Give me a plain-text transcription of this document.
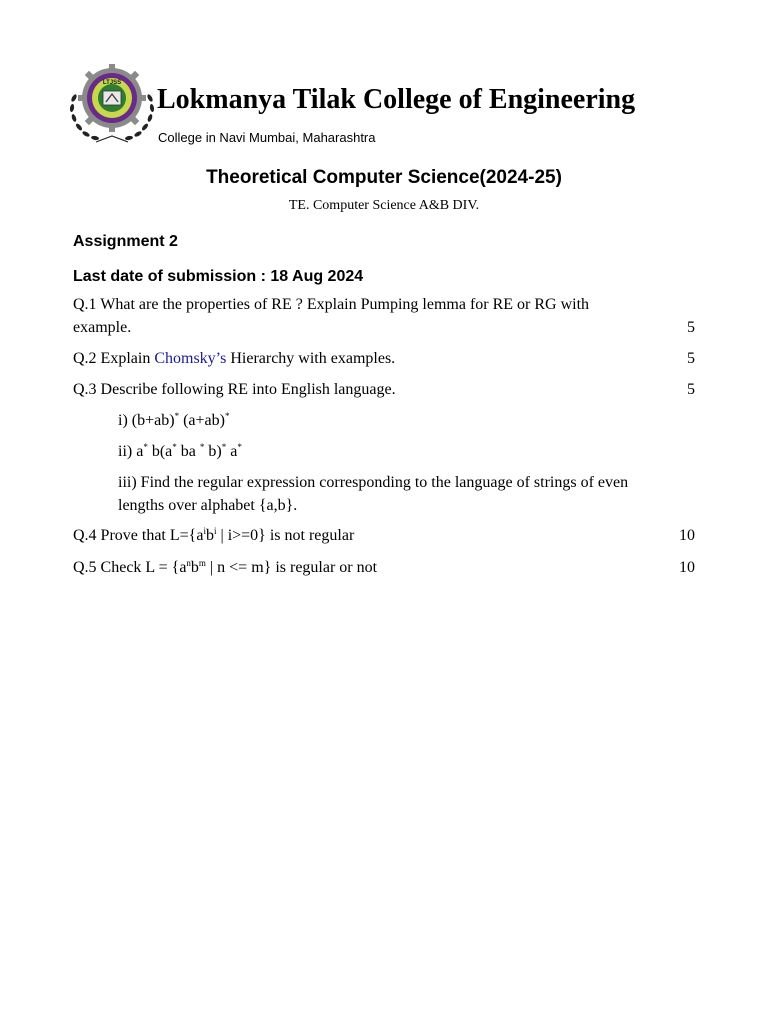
LTJSS
Lokmanya Tilak College of Engineering
College in Navi Mumbai, Maharashtra
Theoretical Computer Science(2024-25)
TE. Computer Science A&B DIV.
Assignment 2
Last date of submission : 18 Aug 2024
Q.1 What are the properties of RE ? Explain Pumping lemma for RE or RG with
example.	5
Q.2 Explain Chomsky’s Hierarchy with examples.	5
Q.3 Describe following RE into English language.	5
i) (b+ab)* (a+ab)*
ii) a* b(a* ba * b)* a*
iii) Find the regular expression corresponding to the language of strings of even lengths over alphabet {a,b}.
Q.4 Prove that $L=\{a^ib^i$ | i>=0} is not regular	10
Q.5 Check $L = \{a^nb^m$ | n <= m} is regular or not	10
